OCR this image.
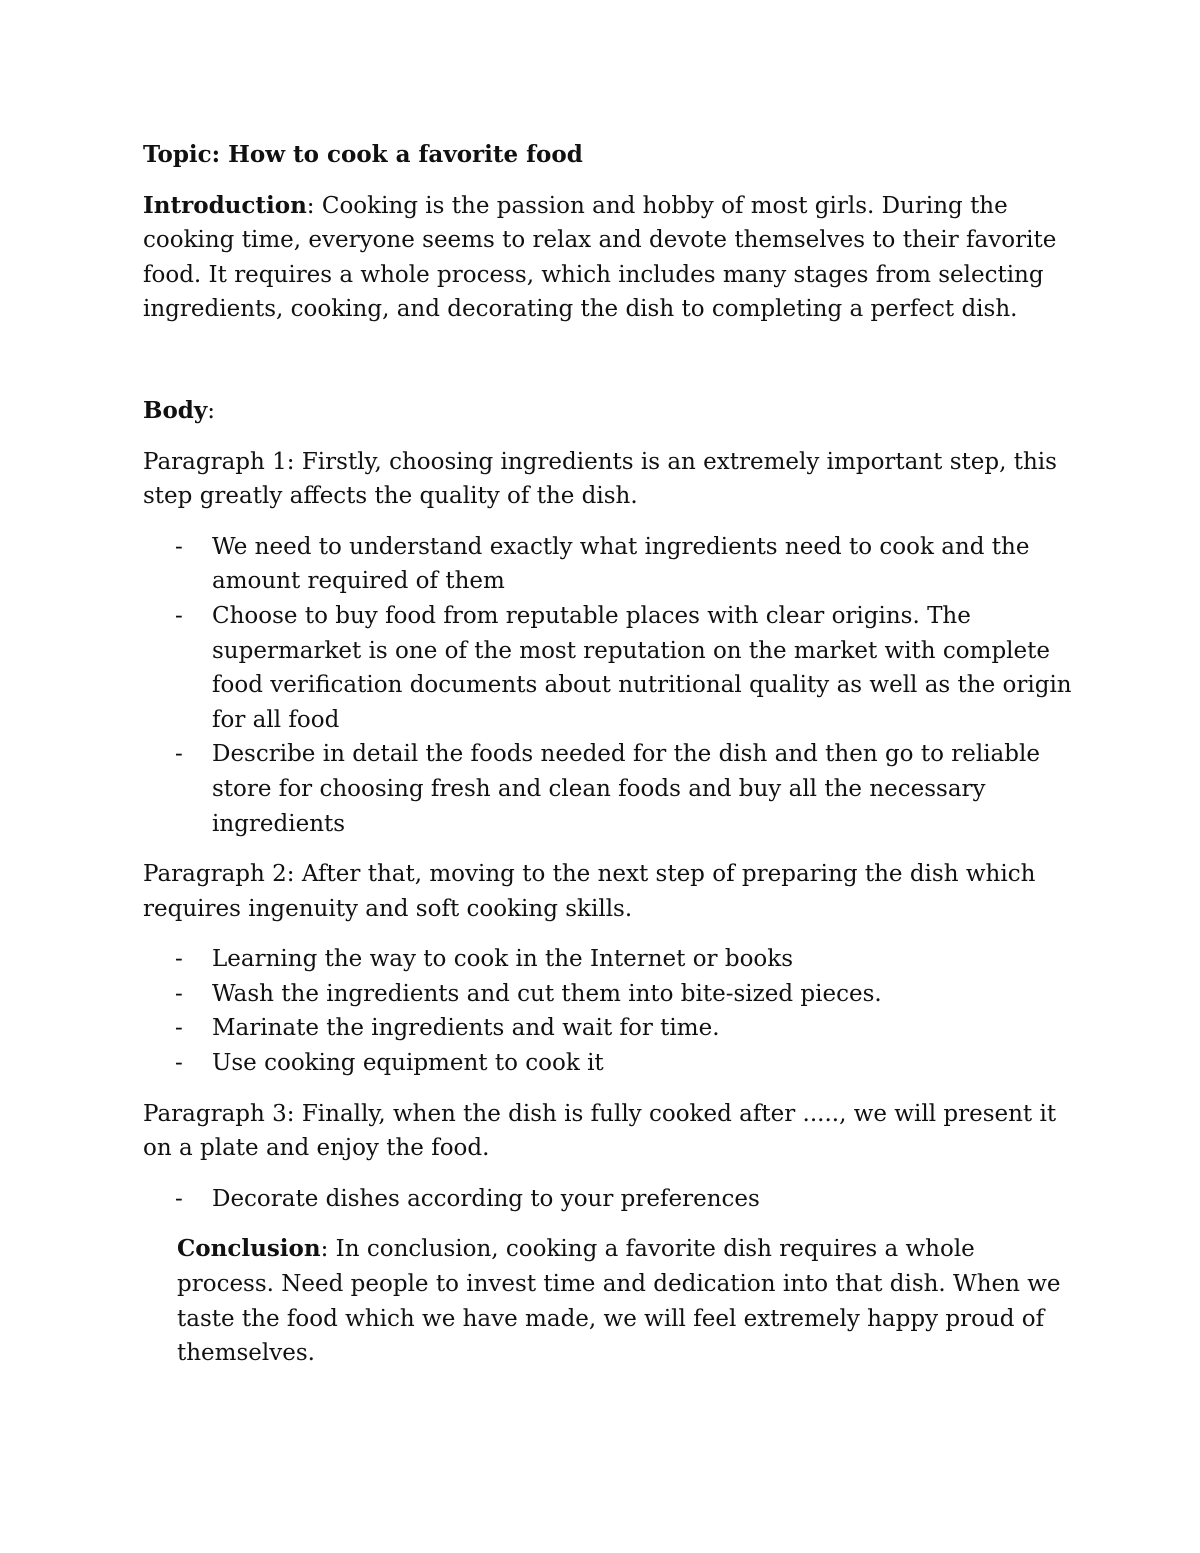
Topic: How to cook a favorite food

Introduction: Cooking is the passion and hobby of most girls. During the cooking time, everyone seems to relax and devote themselves to their favorite food. It requires a whole process, which includes many stages from selecting ingredients, cooking, and decorating the dish to completing a perfect dish.

Body:

Paragraph 1: Firstly, choosing ingredients is an extremely important step, this step greatly affects the quality of the dish.

- We need to understand exactly what ingredients need to cook and the amount required of them
- Choose to buy food from reputable places with clear origins. The supermarket is one of the most reputation on the market with complete food verification documents about nutritional quality as well as the origin for all food
- Describe in detail the foods needed for the dish and then go to reliable store for choosing fresh and clean foods and buy all the necessary ingredients

Paragraph 2: After that, moving to the next step of preparing the dish which requires ingenuity and soft cooking skills.

- Learning the way to cook in the Internet or books
- Wash the ingredients and cut them into bite-sized pieces.
- Marinate the ingredients and wait for time.
- Use cooking equipment to cook it

Paragraph 3: Finally, when the dish is fully cooked after ....., we will present it on a plate and enjoy the food.

- Decorate dishes according to your preferences

Conclusion: In conclusion, cooking a favorite dish requires a whole process. Need people to invest time and dedication into that dish. When we taste the food which we have made, we will feel extremely happy proud of themselves.
